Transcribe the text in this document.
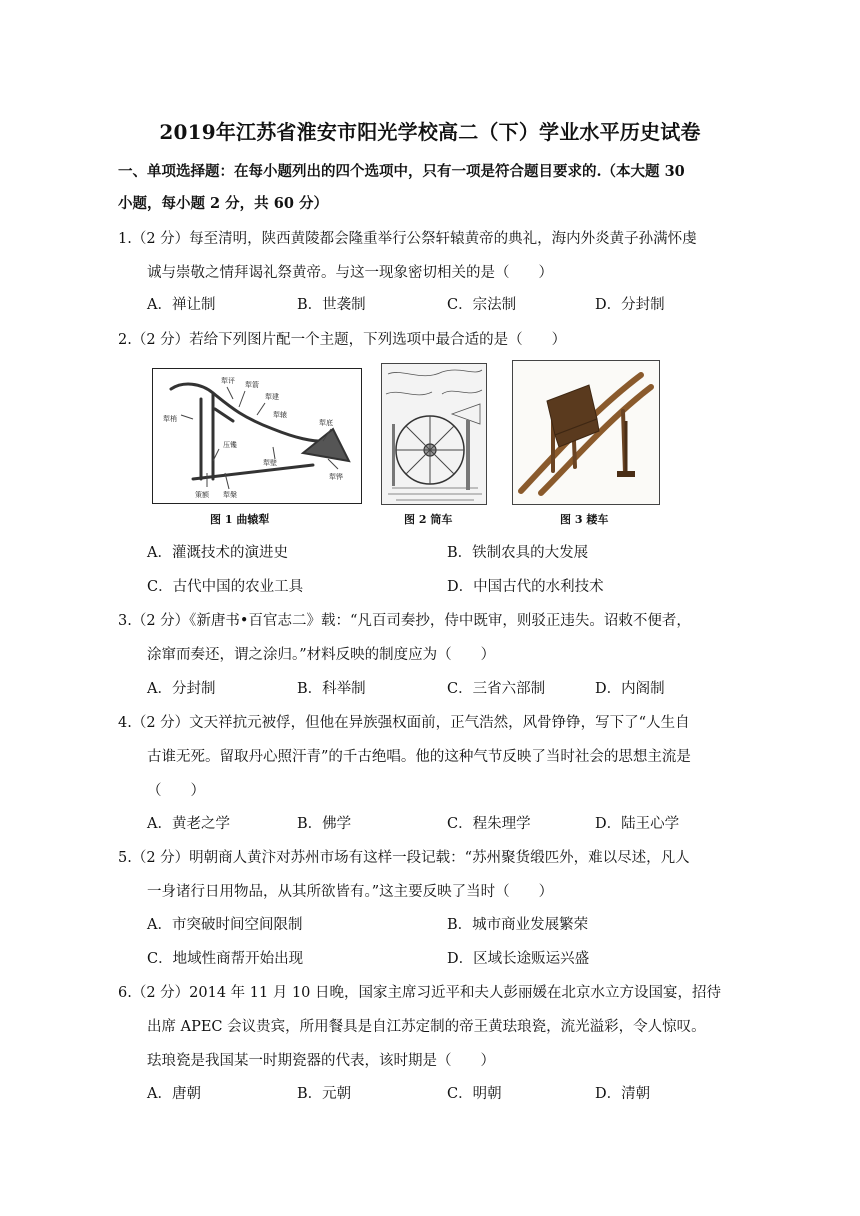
2019年江苏省淮安市阳光学校高二（下）学业水平历史试卷
一、单项选择题：在每小题列出的四个选项中，只有一项是符合题目要求的.（本大题 30
小题，每小题 2 分，共 60 分）
1.（2 分）每至清明，陕西黄陵都会隆重举行公祭轩辕黄帝的典礼，海内外炎黄子孙满怀虔
诚与崇敬之情拜谒礼祭黄帝。与这一现象密切相关的是（　　）
A．禅让制	B．世袭制	C．宗法制	D．分封制
2.（2 分）若给下列图片配一个主题，下列选项中最合适的是（　　）
犁评 犁箭
犁建
犁梢	犁辕
压镵
犁底
犁铧
犁壁
策额 犁槃
图 1 曲辕犁	图 2 筒车	图 3 耧车
A．灌溉技术的演进史	B．铁制农具的大发展
C．古代中国的农业工具	D．中国古代的水利技术
3.（2 分）《新唐书•百官志二》载：“凡百司奏抄，侍中既审，则驳正违失。诏敕不便者，
涂窜而奏还，谓之涂归。”材料反映的制度应为（　　）
A．分封制	B．科举制	C．三省六部制	D．内阁制
4.（2 分）文天祥抗元被俘，但他在异族强权面前，正气浩然，风骨铮铮，写下了“人生自
古谁无死。留取丹心照汗青”的千古绝唱。他的这种气节反映了当时社会的思想主流是
（　　）
A．黄老之学	B．佛学	C．程朱理学	D．陆王心学
5.（2 分）明朝商人黄汴对苏州市场有这样一段记载：“苏州聚货缎匹外，难以尽述，凡人
一身诸行日用物品，从其所欲皆有。”这主要反映了当时（　　）
A．市突破时间空间限制	B．城市商业发展繁荣
C．地域性商帮开始出现	D．区域长途贩运兴盛
6.（2 分）2014 年 11 月 10 日晚，国家主席习近平和夫人彭丽媛在北京水立方设国宴，招待
出席 APEC 会议贵宾，所用餐具是自江苏定制的帝王黄珐琅瓷，流光溢彩，令人惊叹。
珐琅瓷是我国某一时期瓷器的代表，该时期是（　　）
A．唐朝	B．元朝	C．明朝	D．清朝
